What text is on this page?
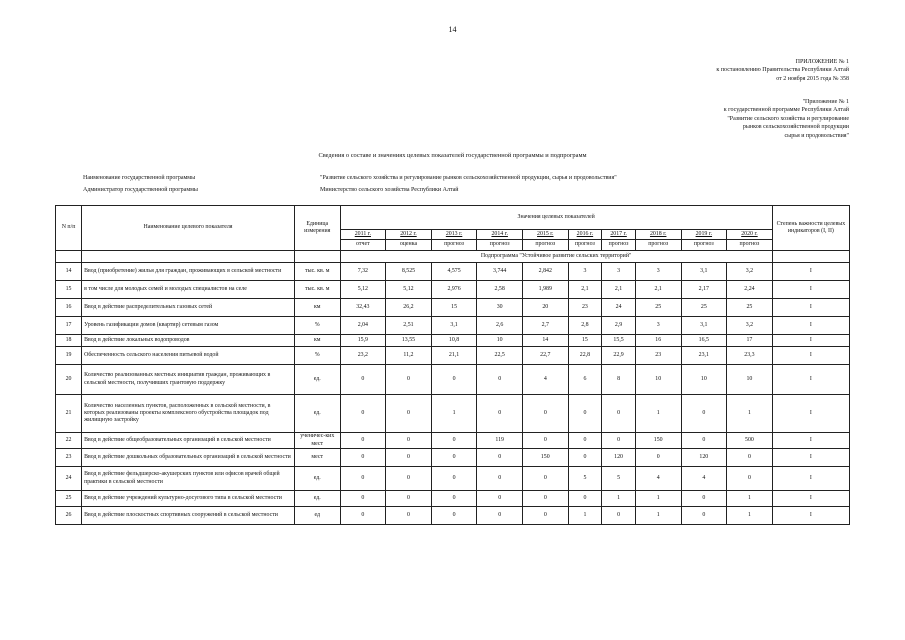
14
ПРИЛОЖЕНИЕ № 1
к постановлению Правительства Республики Алтай
от 2 ноября 2015 года № 358
"Приложение № 1
к государственной программе Республики Алтай
"Развитие сельского хозяйства и регулирование
рынков сельскохозяйственной продукции
сырья и продовольствия"
Сведения о составе и значениях целевых показателей государственной программы и подпрограмм
Наименование государственной программы	"Развитие сельского хозяйства и регулирование рынков сельскохозяйственной продукции, сырья и продовольствия"
Администратор государственной программы	Министерство сельского хозяйства Республики Алтай
N п/п	Наименование целевого показателя	Единица измерения	Значения целевых показателей										Степень важности целевых индикаторов (I, II)
			2011 г.	2012 г.	2013 г.	2014 г.	2015 г.	2016 г.	2017 г.	2018 г.	2019 г.	2020 г.	
			отчет	оценка	прогноз	прогноз	прогноз	прогноз	прогноз	прогноз	прогноз	прогноз	
			Подпрограмма "Устойчивое развитие сельских территорий"										
14	Ввод (приобретение) жилья для граждан, проживающих в сельской местности	тыс. кв. м	7,32	8,525	4,575	3,744	2,842	3	3	3	3,1	3,2	I
15	в том числе для молодых семей и молодых специалистов на селе	тыс. кв. м	5,12	5,12	2,976	2,58	1,989	2,1	2,1	2,1	2,17	2,24	I
16	Ввод в действие распределительных газовых сетей	км	32,43	26,2	15	30	20	23	24	25	25	25	I
17	Уровень газификации домов (квартир) сетевым газом	%	2,04	2,51	3,1	2,6	2,7	2,8	2,9	3	3,1	3,2	I
18	Ввод в действие локальных водопроводов	км	15,9	13,55	10,8	10	14	15	15,5	16	16,5	17	I
19	Обеспеченность сельского населения питьевой водой	%	23,2	11,2	21,1	22,5	22,7	22,8	22,9	23	23,1	23,3	I
20	Количество реализованных местных инициатив граждан, проживающих в сельской местности, получивших грантовую поддержку	ед.	0	0	0	0	4	6	8	10	10	10	I
21	Количество населенных пунктов, расположенных в сельской местности, в которых реализованы проекты комплексного обустройства площадок под жилищную застройку	ед.	0	0	1	0	0	0	0	1	0	1	I
22	Ввод в действие общеобразовательных организаций в сельской местности	ученичес-ких мест	0	0	0	119	0	0	0	150	0	500	I
23	Ввод в действие дошкольных образовательных организаций в сельской местности	мест	0	0	0	0	150	0	120	0	120	0	I
24	Ввод в действие фельдшерско-акушерских пунктов или офисов врачей общей практики в сельской местности	ед.	0	0	0	0	0	5	5	4	4	0	I
25	Ввод в действие учреждений культурно-досугового типа в сельской местности	ед.	0	0	0	0	0	0	1	1	0	1	I
26	Ввод в действие плоскостных спортивных сооружений в сельской местности	ед	0	0	0	0	0	1	0	1	0	1	I
